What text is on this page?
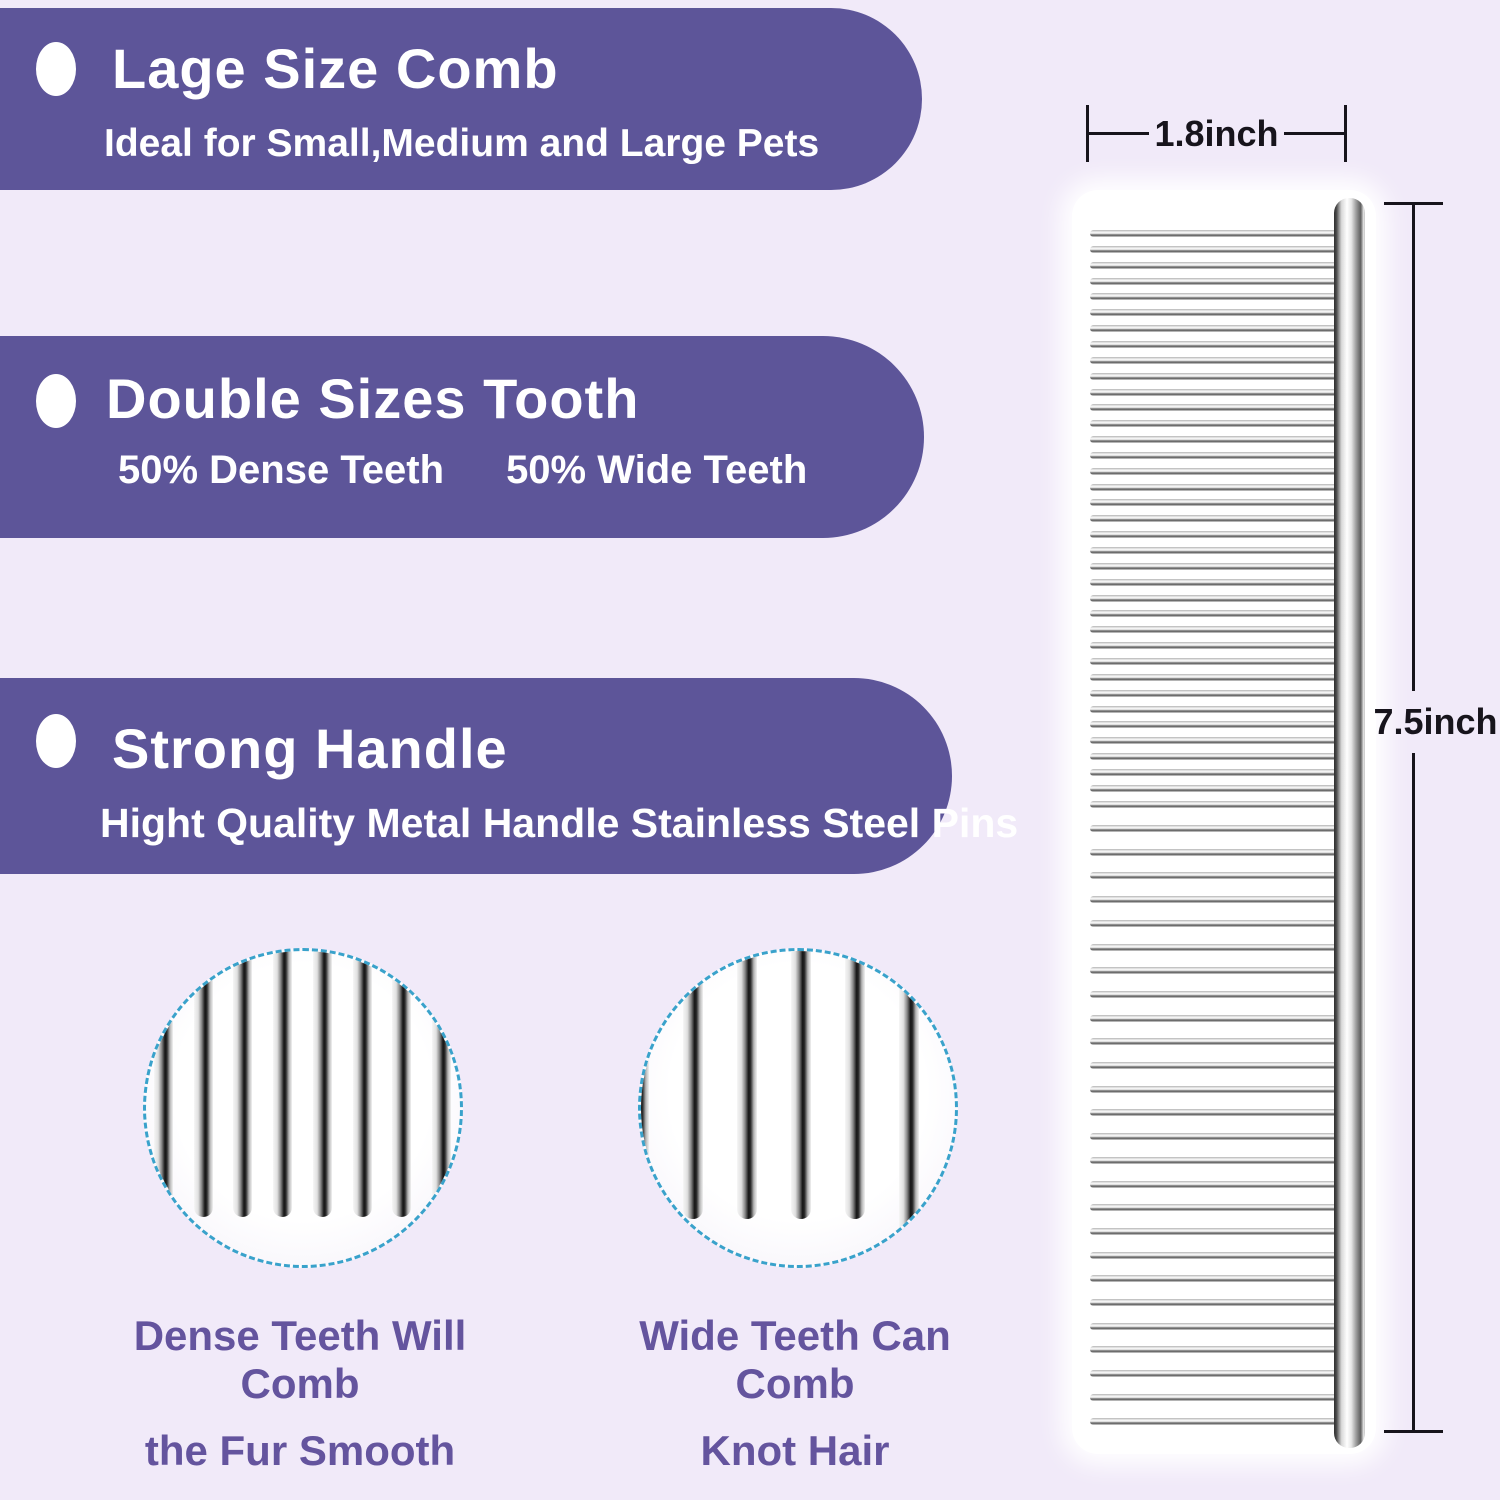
Lage Size Comb
Ideal for Small,Medium and Large Pets
Double Sizes Tooth
50% Dense Teeth 50% Wide Teeth
Strong Handle
Hight Quality Metal Handle Stainless Steel Pins
1.8inch
7.5inch
Dense Teeth Will Comb
the Fur Smooth
Wide Teeth Can Comb
Knot Hair
